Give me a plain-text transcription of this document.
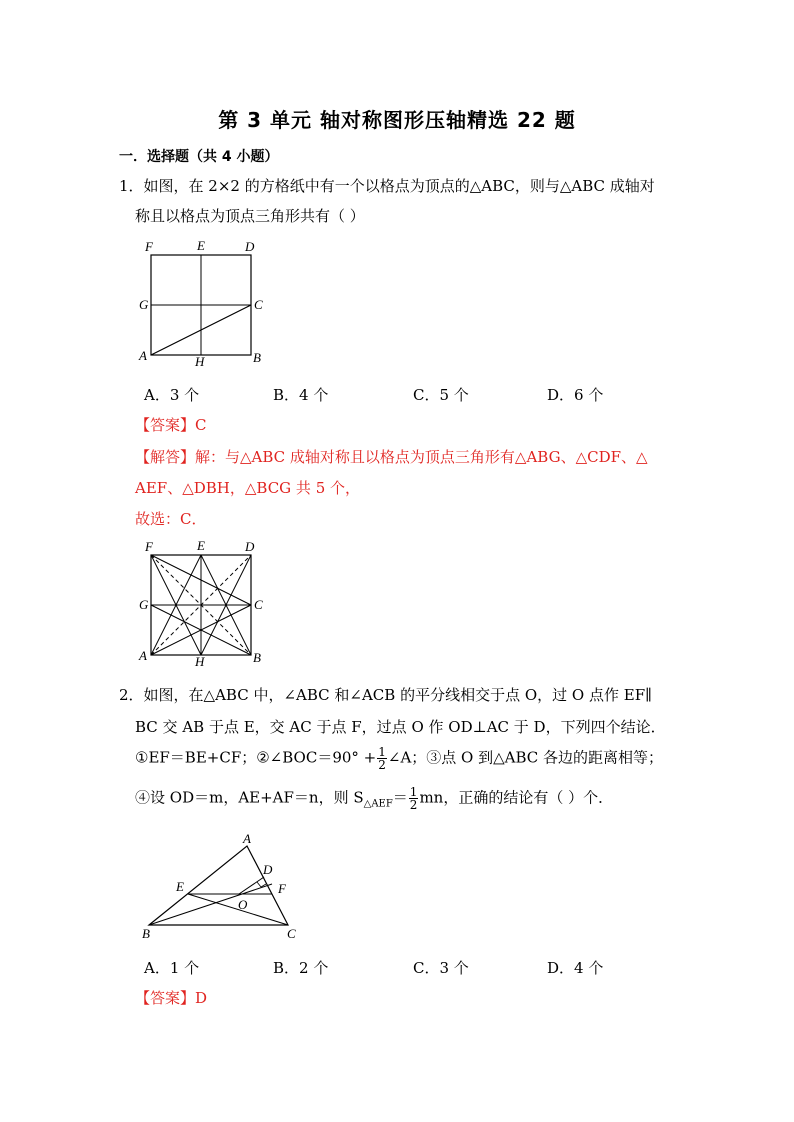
第 3 单元 轴对称图形压轴精选 22 题
一．选择题（共 4 小题）
1．如图，在 2×2 的方格纸中有一个以格点为顶点的△ABC，则与△ABC 成轴对
称且以格点为顶点三角形共有（ ）
F	E	D
G	C
A	H	B
A．3 个	B．4 个	C．5 个	D．6 个
【答案】C
【解答】解：与△ABC 成轴对称且以格点为顶点三角形有△ABG、△CDF、△
AEF、△DBH，△BCG 共 5 个，
故选：C．
F	E	D
G	C
A	H	B
2．如图，在△ABC 中，∠ABC 和∠ACB 的平分线相交于点 O，过 O 点作 EF∥
BC 交 AB 于点 E，交 AC 于点 F，过点 O 作 OD⊥AC 于 D，下列四个结论．
①EF＝BE+CF；②∠BOC＝90° + $\frac{1}{2}$ ∠A；③点 O 到△ABC 各边的距离相等；
④设 OD＝m，AE+AF＝n，则 $S_{\triangle AEF}= \frac{1}{2}$ mn，正确的结论有（ ）个．
A
D
E	F
O
B	C
A．1 个	B．2 个	C．3 个	D．4 个
【答案】D
